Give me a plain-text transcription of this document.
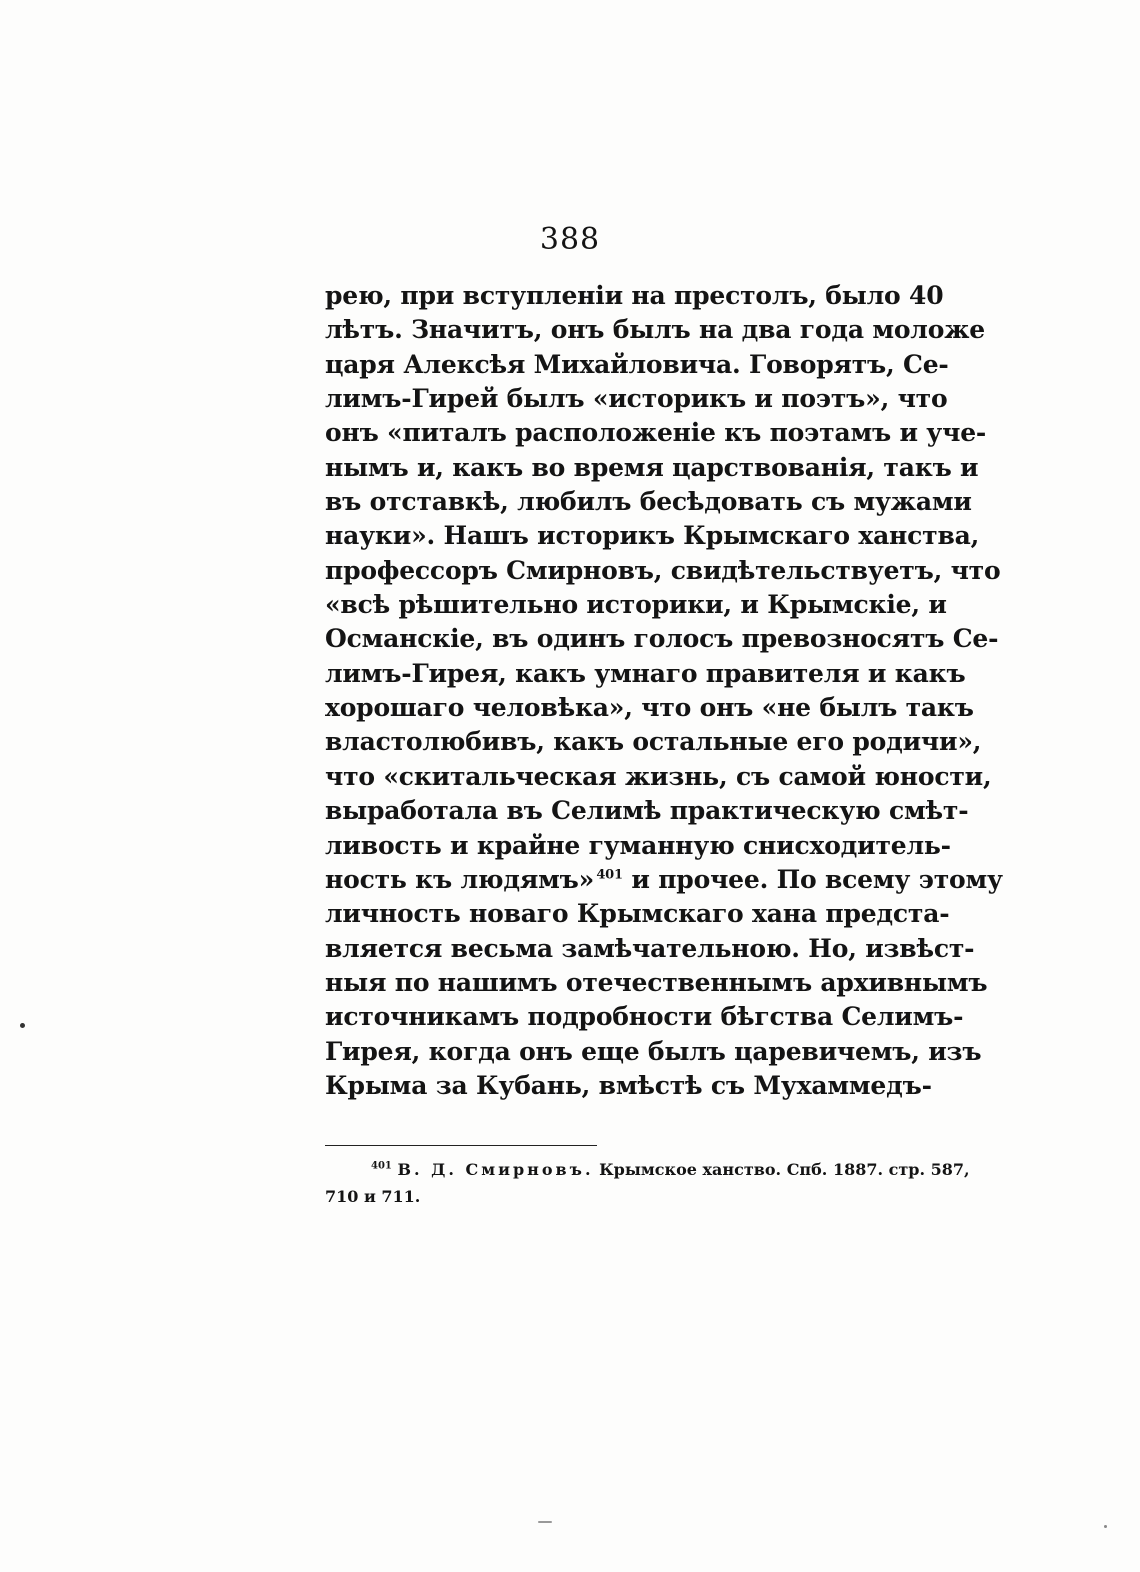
388
рею, при вступленіи на престолъ, было 40
лѣтъ. Значитъ, онъ былъ на два года моложе
царя Алексѣя Михайловича. Говорятъ, Се-
лимъ-Гирей былъ «историкъ и поэтъ», что
онъ «питалъ расположеніе къ поэтамъ и уче-
нымъ и, какъ во время царствованія, такъ и
въ отставкѣ, любилъ бесѣдовать съ мужами
науки». Нашъ историкъ Крымскаго ханства,
профессоръ Смирновъ, свидѣтельствуетъ, что
«всѣ рѣшительно историки, и Крымскіе, и
Османскіе, въ одинъ голосъ превозносятъ Се-
лимъ-Гирея, какъ умнаго правителя и какъ
хорошаго человѣка», что онъ «не былъ такъ
властолюбивъ, какъ остальные его родичи»,
что «скитальческая жизнь, съ самой юности,
выработала въ Селимѣ практическую смѣт-
ливость и крайне гуманную снисходитель-
ность къ людямъ»  $^{401}$ и прочее. По всему этому
личность новаго Крымскаго хана предста-
вляется весьма замѣчательною. Но, извѣст-
ныя по нашимъ отечественнымъ архивнымъ
источникамъ подробности бѣгства Селимъ-
Гирея, когда онъ еще былъ царевичемъ, изъ
Крыма за Кубань, вмѣстѣ съ Мухаммедъ-
$^{401}$ В. Д. Смирновъ. Крымское ханство. Спб. 1887. стр. 587,
710 и 711.
